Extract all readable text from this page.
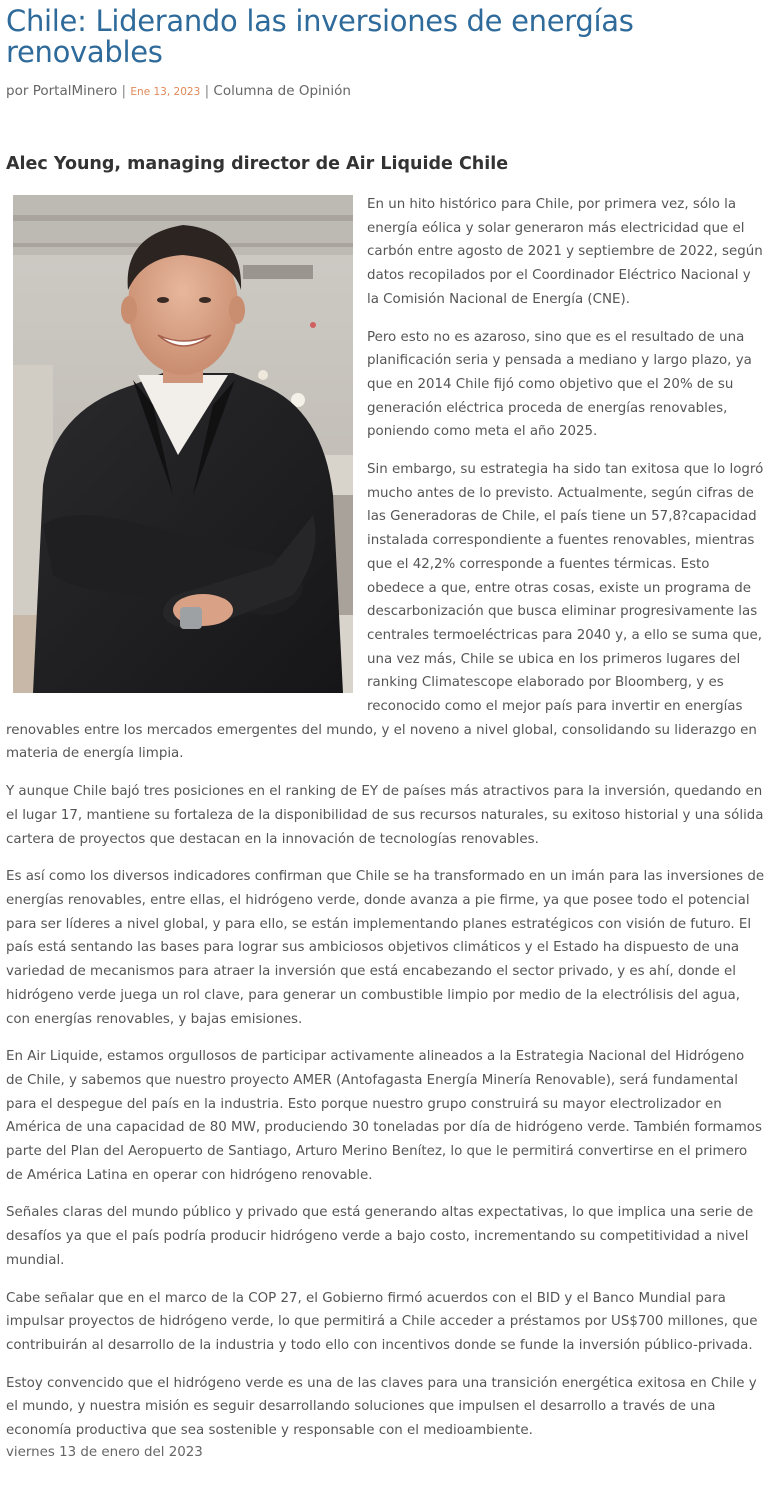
Chile: Liderando las inversiones de energías renovables
por PortalMinero | Ene 13, 2023 | Columna de Opinión
Alec Young, managing director de Air Liquide Chile

En un hito histórico para Chile, por primera vez, sólo la energía eólica y solar generaron más electricidad que el carbón entre agosto de 2021 y septiembre de 2022, según datos recopilados por el Coordinador Eléctrico Nacional y la Comisión Nacional de Energía (CNE).

Pero esto no es azaroso, sino que es el resultado de una planificación seria y pensada a mediano y largo plazo, ya que en 2014 Chile fijó como objetivo que el 20% de su generación eléctrica proceda de energías renovables, poniendo como meta el año 2025.

Sin embargo, su estrategia ha sido tan exitosa que lo logró mucho antes de lo previsto. Actualmente, según cifras de las Generadoras de Chile, el país tiene un 57,8?capacidad instalada correspondiente a fuentes renovables, mientras que el 42,2% corresponde a fuentes térmicas. Esto obedece a que, entre otras cosas, existe un programa de descarbonización que busca eliminar progresivamente las centrales termoeléctricas para 2040 y, a ello se suma que, una vez más, Chile se ubica en los primeros lugares del ranking Climatescope elaborado por Bloomberg, y es reconocido como el mejor país para invertir en energías renovables entre los mercados emergentes del mundo, y el noveno a nivel global, consolidando su liderazgo en materia de energía limpia.

Y aunque Chile bajó tres posiciones en el ranking de EY de países más atractivos para la inversión, quedando en el lugar 17, mantiene su fortaleza de la disponibilidad de sus recursos naturales, su exitoso historial y una sólida cartera de proyectos que destacan en la innovación de tecnologías renovables.

Es así como los diversos indicadores confirman que Chile se ha transformado en un imán para las inversiones de energías renovables, entre ellas, el hidrógeno verde, donde avanza a pie firme, ya que posee todo el potencial para ser líderes a nivel global, y para ello, se están implementando planes estratégicos con visión de futuro. El país está sentando las bases para lograr sus ambiciosos objetivos climáticos y el Estado ha dispuesto de una variedad de mecanismos para atraer la inversión que está encabezando el sector privado, y es ahí, donde el hidrógeno verde juega un rol clave, para generar un combustible limpio por medio de la electrólisis del agua, con energías renovables, y bajas emisiones.

En Air Liquide, estamos orgullosos de participar activamente alineados a la Estrategia Nacional del Hidrógeno de Chile, y sabemos que nuestro proyecto AMER (Antofagasta Energía Minería Renovable), será fundamental para el despegue del país en la industria. Esto porque nuestro grupo construirá su mayor electrolizador en América de una capacidad de 80 MW, produciendo 30 toneladas por día de hidrógeno verde. También formamos parte del Plan del Aeropuerto de Santiago, Arturo Merino Benítez, lo que le permitirá convertirse en el primero de América Latina en operar con hidrógeno renovable.

Señales claras del mundo público y privado que está generando altas expectativas, lo que implica una serie de desafíos ya que el país podría producir hidrógeno verde a bajo costo, incrementando su competitividad a nivel mundial.

Cabe señalar que en el marco de la COP 27, el Gobierno firmó acuerdos con el BID y el Banco Mundial para impulsar proyectos de hidrógeno verde, lo que permitirá a Chile acceder a préstamos por US$700 millones, que contribuirán al desarrollo de la industria y todo ello con incentivos donde se funde la inversión público-privada.

Estoy convencido que el hidrógeno verde es una de las claves para una transición energética exitosa en Chile y el mundo, y nuestra misión es seguir desarrollando soluciones que impulsen el desarrollo a través de una economía productiva que sea sostenible y responsable con el medioambiente.

viernes 13 de enero del 2023
